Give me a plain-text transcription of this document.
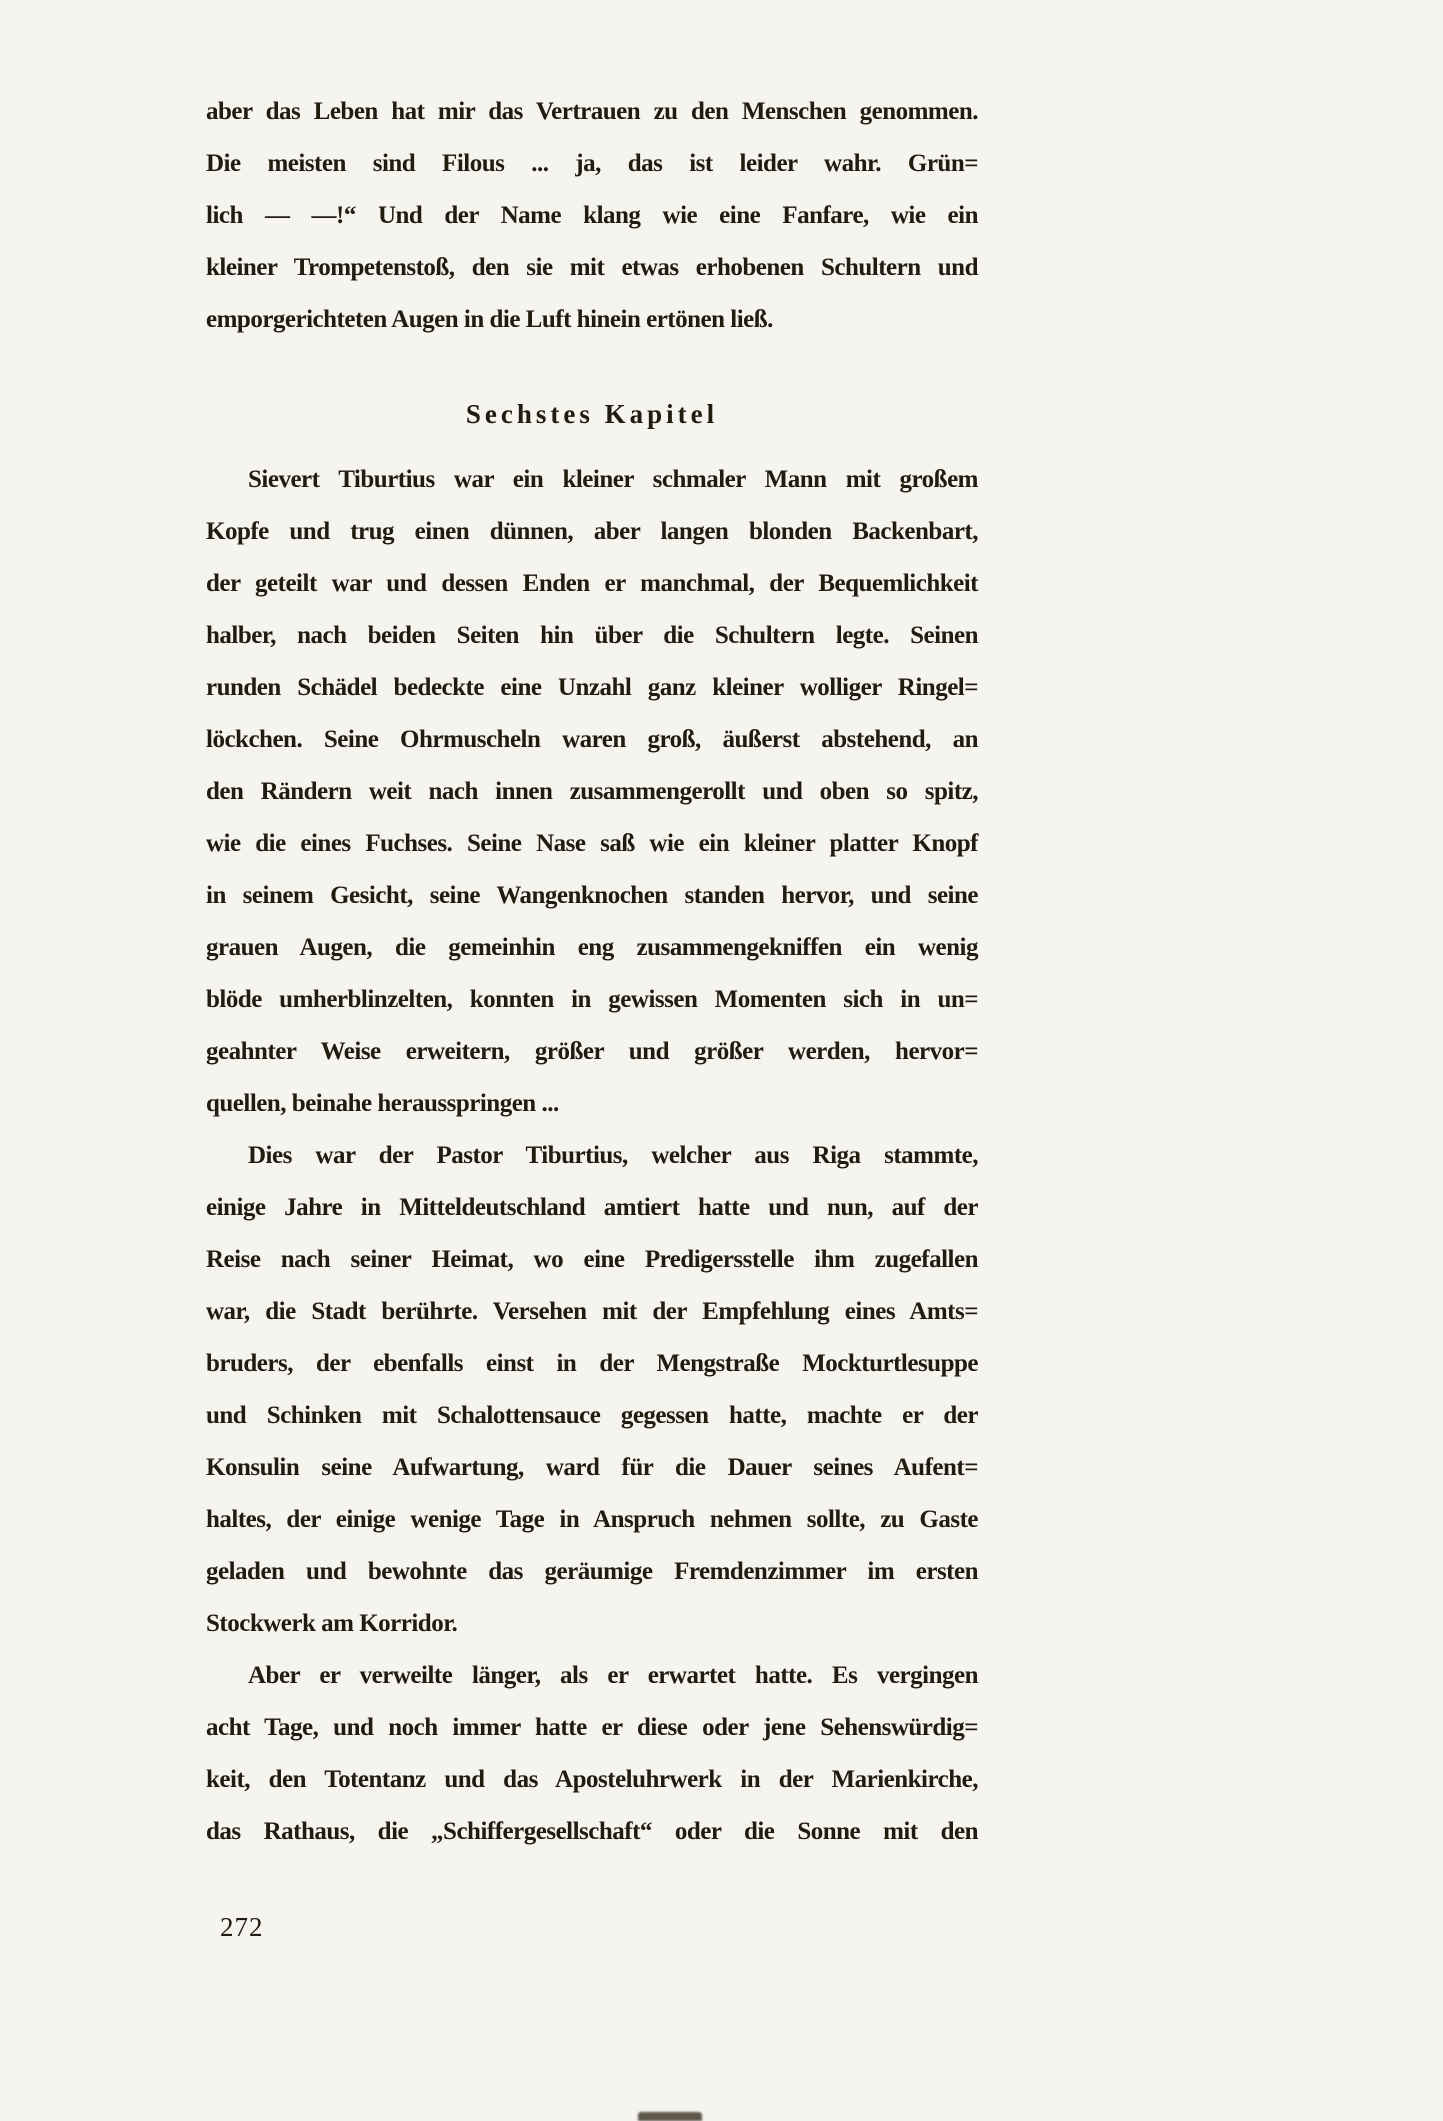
aber das Leben hat mir das Vertrauen zu den Menschen genommen.
Die meisten sind Filous ... ja, das ist leider wahr. Grün=
lich — —!“ Und der Name klang wie eine Fanfare, wie ein
kleiner Trompetenstoß, den sie mit etwas erhobenen Schultern und
emporgerichteten Augen in die Luft hinein ertönen ließ.
Sechstes Kapitel
Sievert Tiburtius war ein kleiner schmaler Mann mit großem
Kopfe und trug einen dünnen, aber langen blonden Backenbart,
der geteilt war und dessen Enden er manchmal, der Bequemlichkeit
halber, nach beiden Seiten hin über die Schultern legte. Seinen
runden Schädel bedeckte eine Unzahl ganz kleiner wolliger Ringel=
löckchen. Seine Ohrmuscheln waren groß, äußerst abstehend, an
den Rändern weit nach innen zusammengerollt und oben so spitz,
wie die eines Fuchses. Seine Nase saß wie ein kleiner platter Knopf
in seinem Gesicht, seine Wangenknochen standen hervor, und seine
grauen Augen, die gemeinhin eng zusammengekniffen ein wenig
blöde umherblinzelten, konnten in gewissen Momenten sich in un=
geahnter Weise erweitern, größer und größer werden, hervor=
quellen, beinahe herausspringen ...
Dies war der Pastor Tiburtius, welcher aus Riga stammte,
einige Jahre in Mitteldeutschland amtiert hatte und nun, auf der
Reise nach seiner Heimat, wo eine Predigersstelle ihm zugefallen
war, die Stadt berührte. Versehen mit der Empfehlung eines Amts=
bruders, der ebenfalls einst in der Mengstraße Mockturtlesuppe
und Schinken mit Schalottensauce gegessen hatte, machte er der
Konsulin seine Aufwartung, ward für die Dauer seines Aufent=
haltes, der einige wenige Tage in Anspruch nehmen sollte, zu Gaste
geladen und bewohnte das geräumige Fremdenzimmer im ersten
Stockwerk am Korridor.
Aber er verweilte länger, als er erwartet hatte. Es vergingen
acht Tage, und noch immer hatte er diese oder jene Sehenswürdig=
keit, den Totentanz und das Aposteluhrwerk in der Marienkirche,
das Rathaus, die „Schiffergesellschaft“ oder die Sonne mit den
272
